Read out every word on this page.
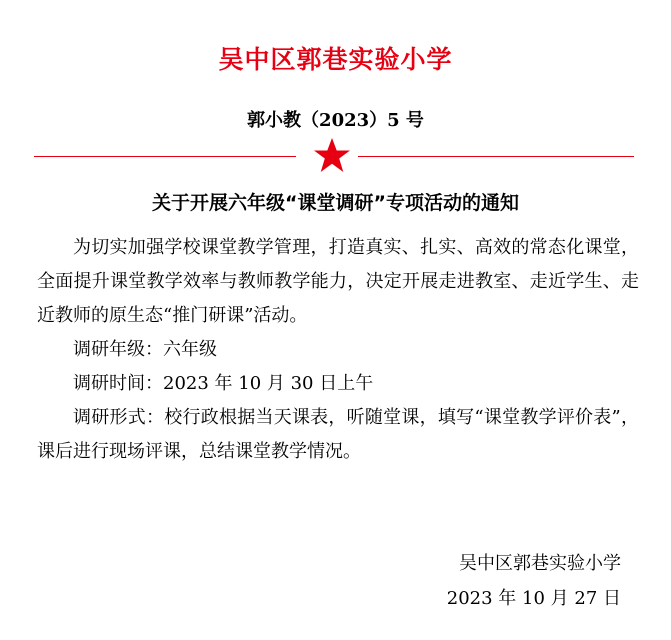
吴中区郭巷实验小学
郭小教（2023）5 号
关于开展六年级“课堂调研”专项活动的通知

为切实加强学校课堂教学管理，打造真实、扎实、高效的常态化课堂，全面提升课堂教学效率与教师教学能力，决定开展走进教室、走近学生、走近教师的原生态“推门研课”活动。

调研年级：六年级

调研时间：2023 年 10 月 30 日上午

调研形式：校行政根据当天课表，听随堂课，填写“课堂教学评价表”，课后进行现场评课，总结课堂教学情况。

吴中区郭巷实验小学
2023 年 10 月 27 日
